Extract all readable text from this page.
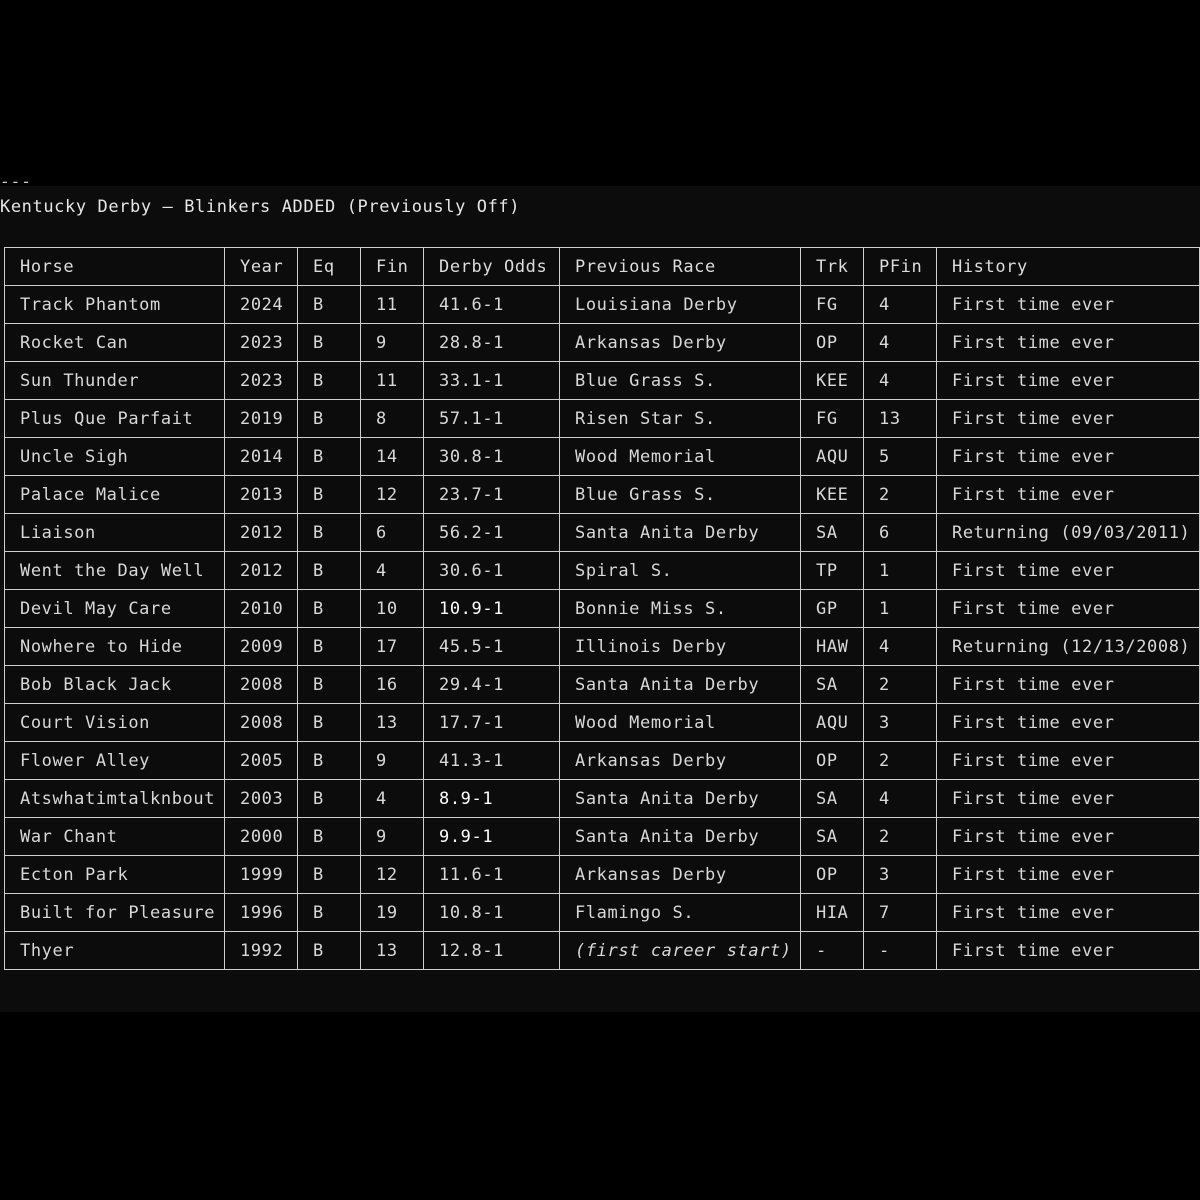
---
Kentucky Derby — Blinkers ADDED (Previously Off)
Horse	Year	Eq	Fin	Derby Odds	Previous Race	Trk	PFin	History
Track Phantom	2024	B	11	41.6-1	Louisiana Derby	FG	4	First time ever
Rocket Can	2023	B	9	28.8-1	Arkansas Derby	OP	4	First time ever
Sun Thunder	2023	B	11	33.1-1	Blue Grass S.	KEE	4	First time ever
Plus Que Parfait	2019	B	8	57.1-1	Risen Star S.	FG	13	First time ever
Uncle Sigh	2014	B	14	30.8-1	Wood Memorial	AQU	5	First time ever
Palace Malice	2013	B	12	23.7-1	Blue Grass S.	KEE	2	First time ever
Liaison	2012	B	6	56.2-1	Santa Anita Derby	SA	6	Returning (09/03/2011)
Went the Day Well	2012	B	4	30.6-1	Spiral S.	TP	1	First time ever
Devil May Care	2010	B	10	10.9-1	Bonnie Miss S.	GP	1	First time ever
Nowhere to Hide	2009	B	17	45.5-1	Illinois Derby	HAW	4	Returning (12/13/2008)
Bob Black Jack	2008	B	16	29.4-1	Santa Anita Derby	SA	2	First time ever
Court Vision	2008	B	13	17.7-1	Wood Memorial	AQU	3	First time ever
Flower Alley	2005	B	9	41.3-1	Arkansas Derby	OP	2	First time ever
Atswhatimtalknbout	2003	B	4	8.9-1	Santa Anita Derby	SA	4	First time ever
War Chant	2000	B	9	9.9-1	Santa Anita Derby	SA	2	First time ever
Ecton Park	1999	B	12	11.6-1	Arkansas Derby	OP	3	First time ever
Built for Pleasure	1996	B	19	10.8-1	Flamingo S.	HIA	7	First time ever
Thyer	1992	B	13	12.8-1	(first career start)	-	-	First time ever
